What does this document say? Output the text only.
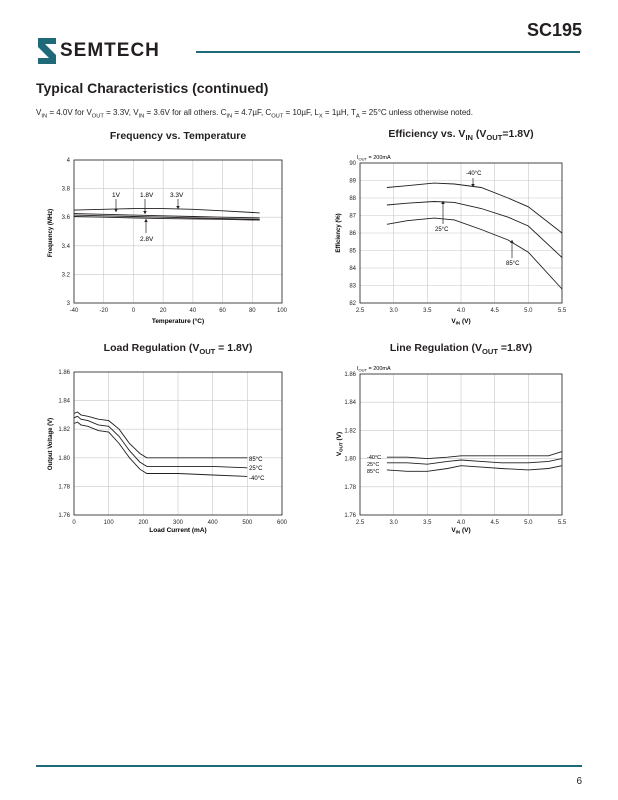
SEMTECH
SC195
Typical Characteristics (continued)
$V_{IN} = 4.0V$ for $V_{OUT} = 3.3V$, $V_{IN} = 3.6V$ for all others. $C_{IN} = 4.7\mu F$, $C_{OUT} = 10\mu F$, $L_X = 1\mu H$, $T_A = 25^\circ C$ unless otherwise noted.
Frequency vs. Temperature	Efficiency vs. $V_{IN}$ $(V_{OUT}=1.8V)$
Load Regulation $(V_{OUT} = 1.8V)$	Line Regulation $(V_{OUT} =1.8V)$
-40	-20	0	20	40	60	80	100
3
3.2
3.4
3.6
3.8
4
Frequency (MHz)
Temperature (°C)
1V	1.8V	3.3V
2.8V
2.5	3.0	3.5	4.0	4.5	5.0	5.5
82
83
84
85
86
87
88
89
90
$I_{OUT} = 200mA$
Efficiency (%)
$V_{IN}$ (V)
-40°C
25°C
85°C
0	100	200	300	400	500	600
1.76
1.78
1.80
1.82
1.84
1.86
Output Voltage (V)
Load Current (mA)
85°C
25°C
-40°C
2.5	3.0	3.5	4.0	4.5	5.0	5.5
1.76
1.78
1.80
1.82
1.84
1.86
$I_{OUT} = 200mA$
$V_{OUT}$ (V)
$V_{IN}$ (V)
-40°C
25°C
85°C
6
